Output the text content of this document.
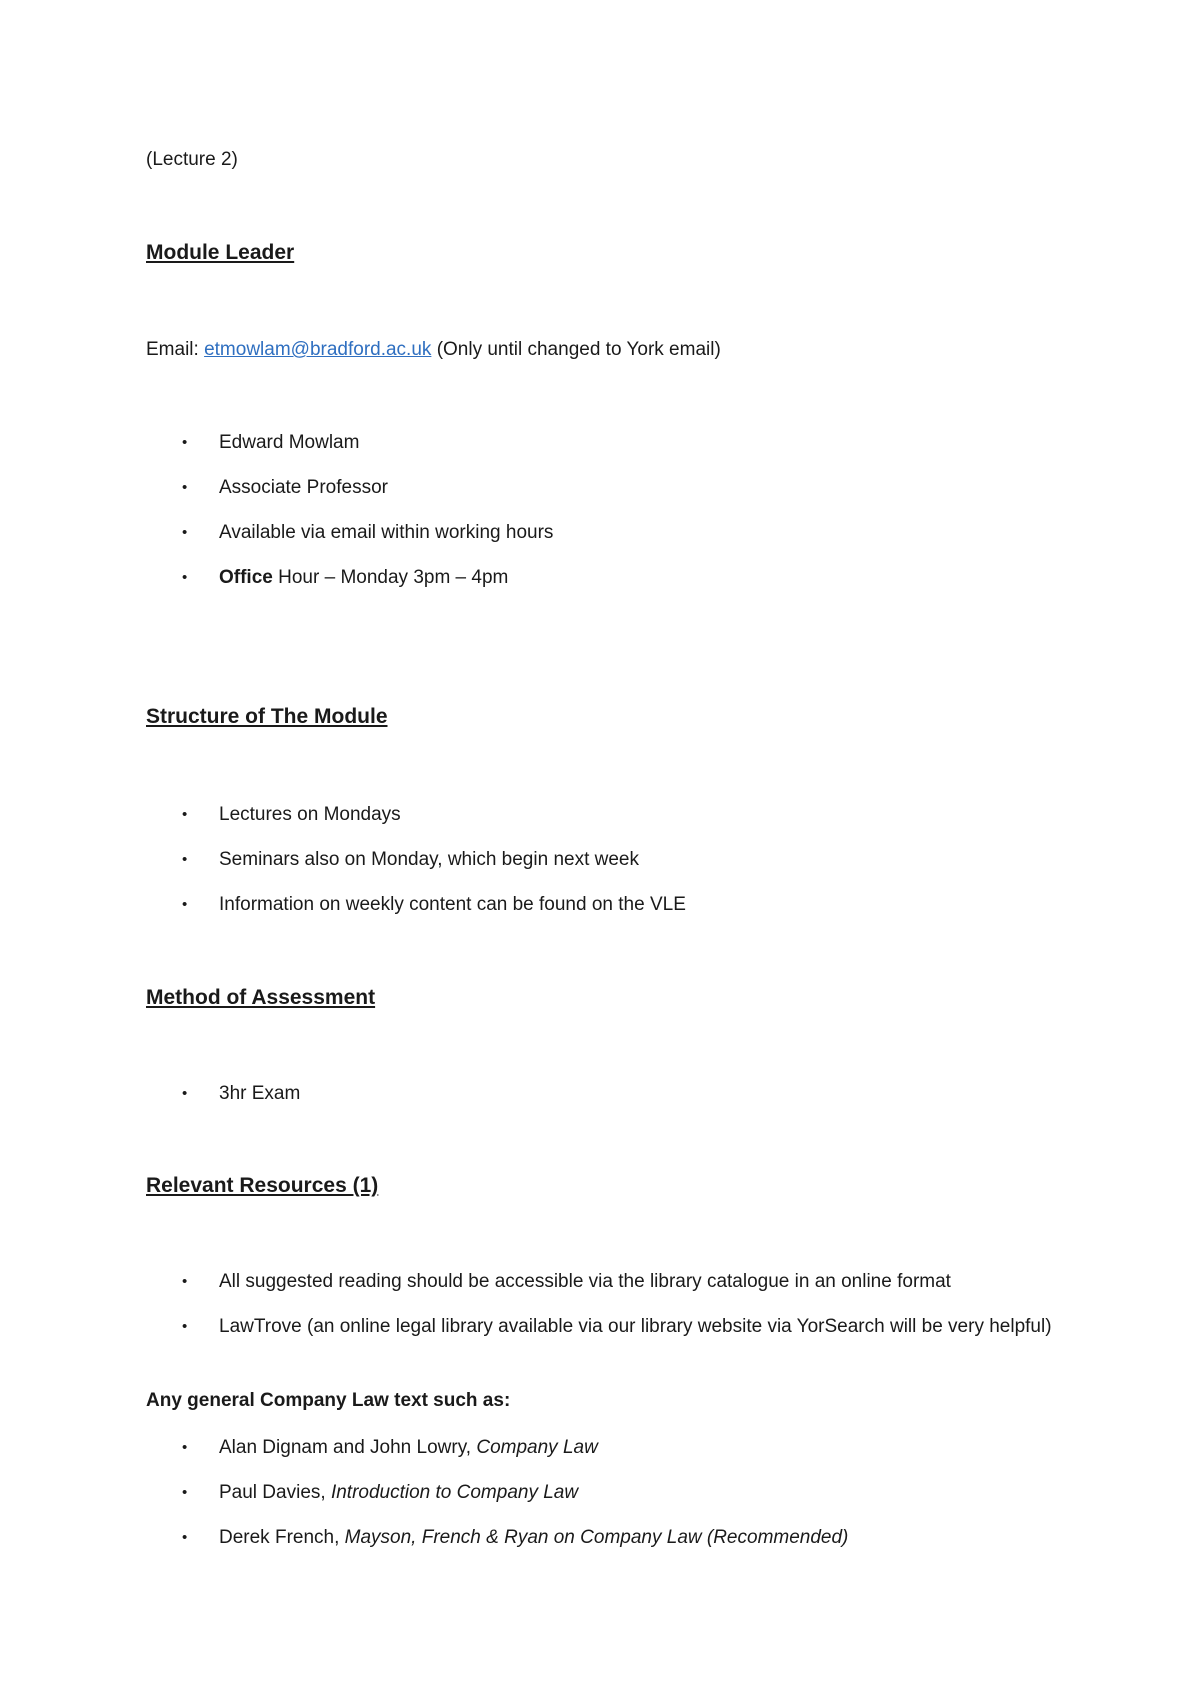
(Lecture 2)
Module Leader
Email: etmowlam@bradford.ac.uk (Only until changed to York email)
• Edward Mowlam
• Associate Professor
• Available via email within working hours
• Office Hour – Monday 3pm – 4pm
Structure of The Module
• Lectures on Mondays
• Seminars also on Monday, which begin next week
• Information on weekly content can be found on the VLE
Method of Assessment
• 3hr Exam
Relevant Resources (1)
• All suggested reading should be accessible via the library catalogue in an online format
• LawTrove (an online legal library available via our library website via YorSearch will be very helpful)
Any general Company Law text such as:
• Alan Dignam and John Lowry, Company Law
• Paul Davies, Introduction to Company Law
• Derek French, Mayson, French & Ryan on Company Law (Recommended)
